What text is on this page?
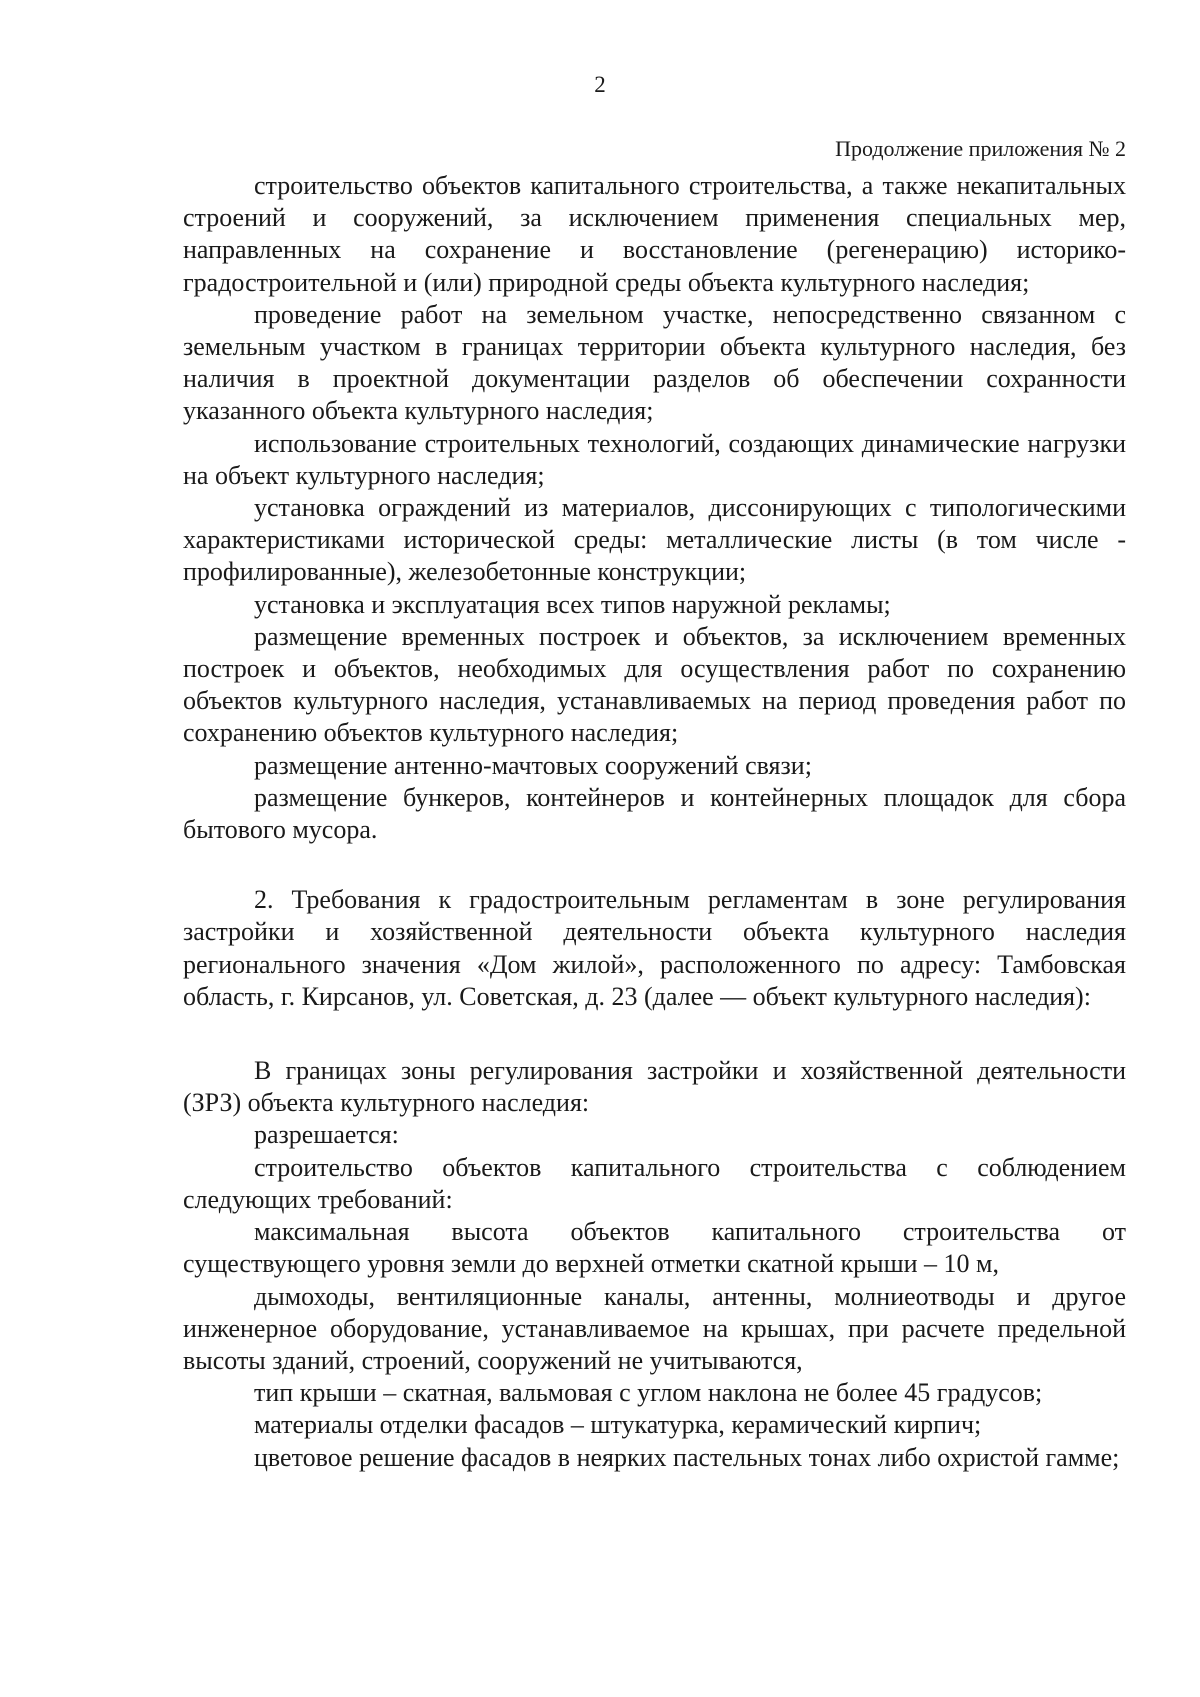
2
Продолжение приложения № 2

строительство объектов капитального строительства, а также некапитальных строений и сооружений, за исключением применения специальных мер, направленных на сохранение и восстановление (регенерацию) историко-градостроительной и (или) природной среды объекта культурного наследия;

проведение работ на земельном участке, непосредственно связанном с земельным участком в границах территории объекта культурного наследия, без наличия в проектной документации разделов об обеспечении сохранности указанного объекта культурного наследия;

использование строительных технологий, создающих динамические нагрузки на объект культурного наследия;

установка ограждений из материалов, диссонирующих с типологическими характеристиками исторической среды: металлические листы (в том числе - профилированные), железобетонные конструкции;

установка и эксплуатация всех типов наружной рекламы;

размещение временных построек и объектов, за исключением временных построек и объектов, необходимых для осуществления работ по сохранению объектов культурного наследия, устанавливаемых на период проведения работ по сохранению объектов культурного наследия;

размещение антенно-мачтовых сооружений связи;

размещение бункеров, контейнеров и контейнерных площадок для сбора бытового мусора.

2. Требования к градостроительным регламентам в зоне регулирования застройки и хозяйственной деятельности объекта культурного наследия регионального значения «Дом жилой», расположенного по адресу: Тамбовская область, г. Кирсанов, ул. Советская, д. 23 (далее — объект культурного наследия):

В границах зоны регулирования застройки и хозяйственной деятельности (ЗРЗ) объекта культурного наследия:

разрешается:

строительство объектов капитального строительства с соблюдением следующих требований:

максимальная высота объектов капитального строительства от существующего уровня земли до верхней отметки скатной крыши – 10 м,

дымоходы, вентиляционные каналы, антенны, молниеотводы и другое инженерное оборудование, устанавливаемое на крышах, при расчете предельной высоты зданий, строений, сооружений не учитываются,

тип крыши – скатная, вальмовая с углом наклона не более 45 градусов;

материалы отделки фасадов – штукатурка, керамический кирпич;

цветовое решение фасадов в неярких пастельных тонах либо охристой гамме;
